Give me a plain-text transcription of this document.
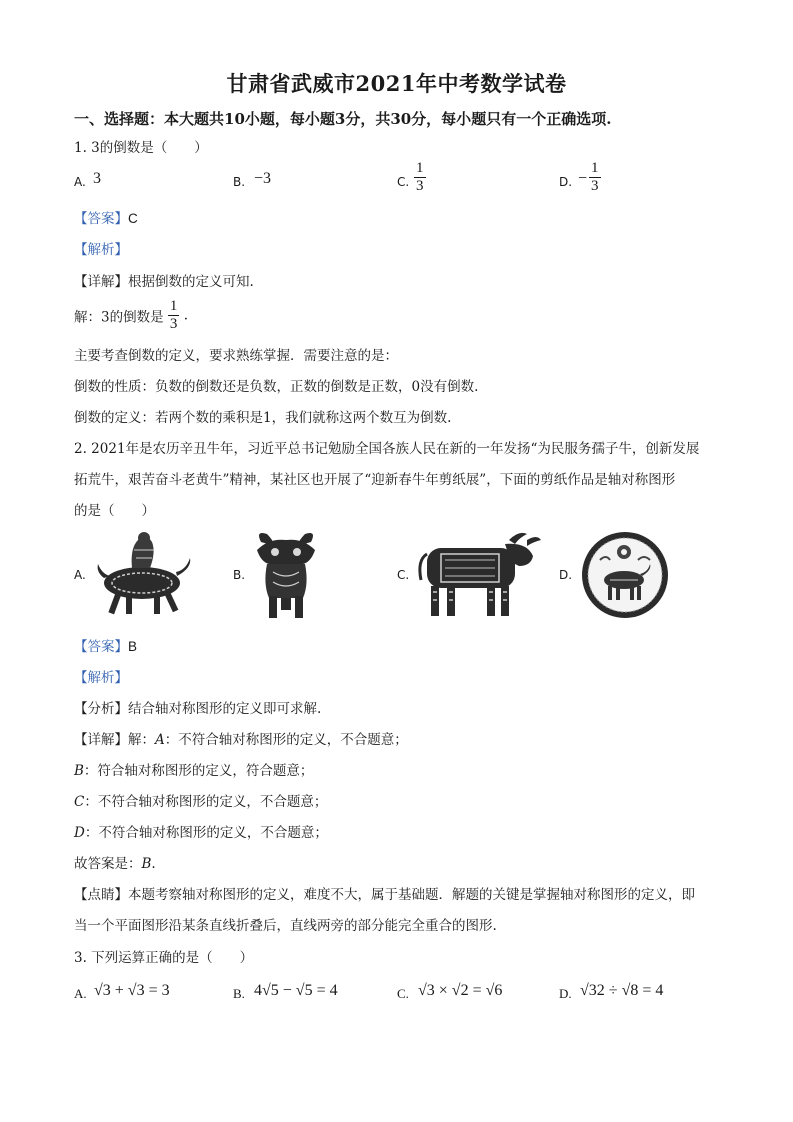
甘肃省武威市2021年中考数学试卷
一、选择题：本大题共10小题，每小题3分，共30分，每小题只有一个正确选项.
1. 3的倒数是（　　）
A. 3	B. −3	C. $\frac{1}{3}$	D. − $\frac{1}{3}$
【答案】C
【解析】
【详解】根据倒数的定义可知.
解：3的倒数是 $\frac{1}{3}$ .
主要考查倒数的定义，要求熟练掌握．需要注意的是：
倒数的性质：负数的倒数还是负数，正数的倒数是正数，0没有倒数.
倒数的定义：若两个数的乘积是1，我们就称这两个数互为倒数.
2. 2021年是农历辛丑牛年，习近平总书记勉励全国各族人民在新的一年发扬“为民服务孺子牛，创新发展
拓荒牛，艰苦奋斗老黄牛”精神，某社区也开展了“迎新春牛年剪纸展”，下面的剪纸作品是轴对称图形
的是（　　）
A.	B.	C.	D.
【答案】B
【解析】
【分析】结合轴对称图形的定义即可求解.
【详解】解：A：不符合轴对称图形的定义，不合题意；
B：符合轴对称图形的定义，符合题意；
C：不符合轴对称图形的定义，不合题意；
D：不符合轴对称图形的定义，不合题意；
故答案是：B.
【点睛】本题考察轴对称图形的定义，难度不大，属于基础题．解题的关键是掌握轴对称图形的定义，即
当一个平面图形沿某条直线折叠后，直线两旁的部分能完全重合的图形.
3. 下列运算正确的是（　　）
A. √3 + √3 = 3	B. 4√5 − √5 = 4	C. √3 × √2 = √6	D. √32 ÷ √8 = 4
